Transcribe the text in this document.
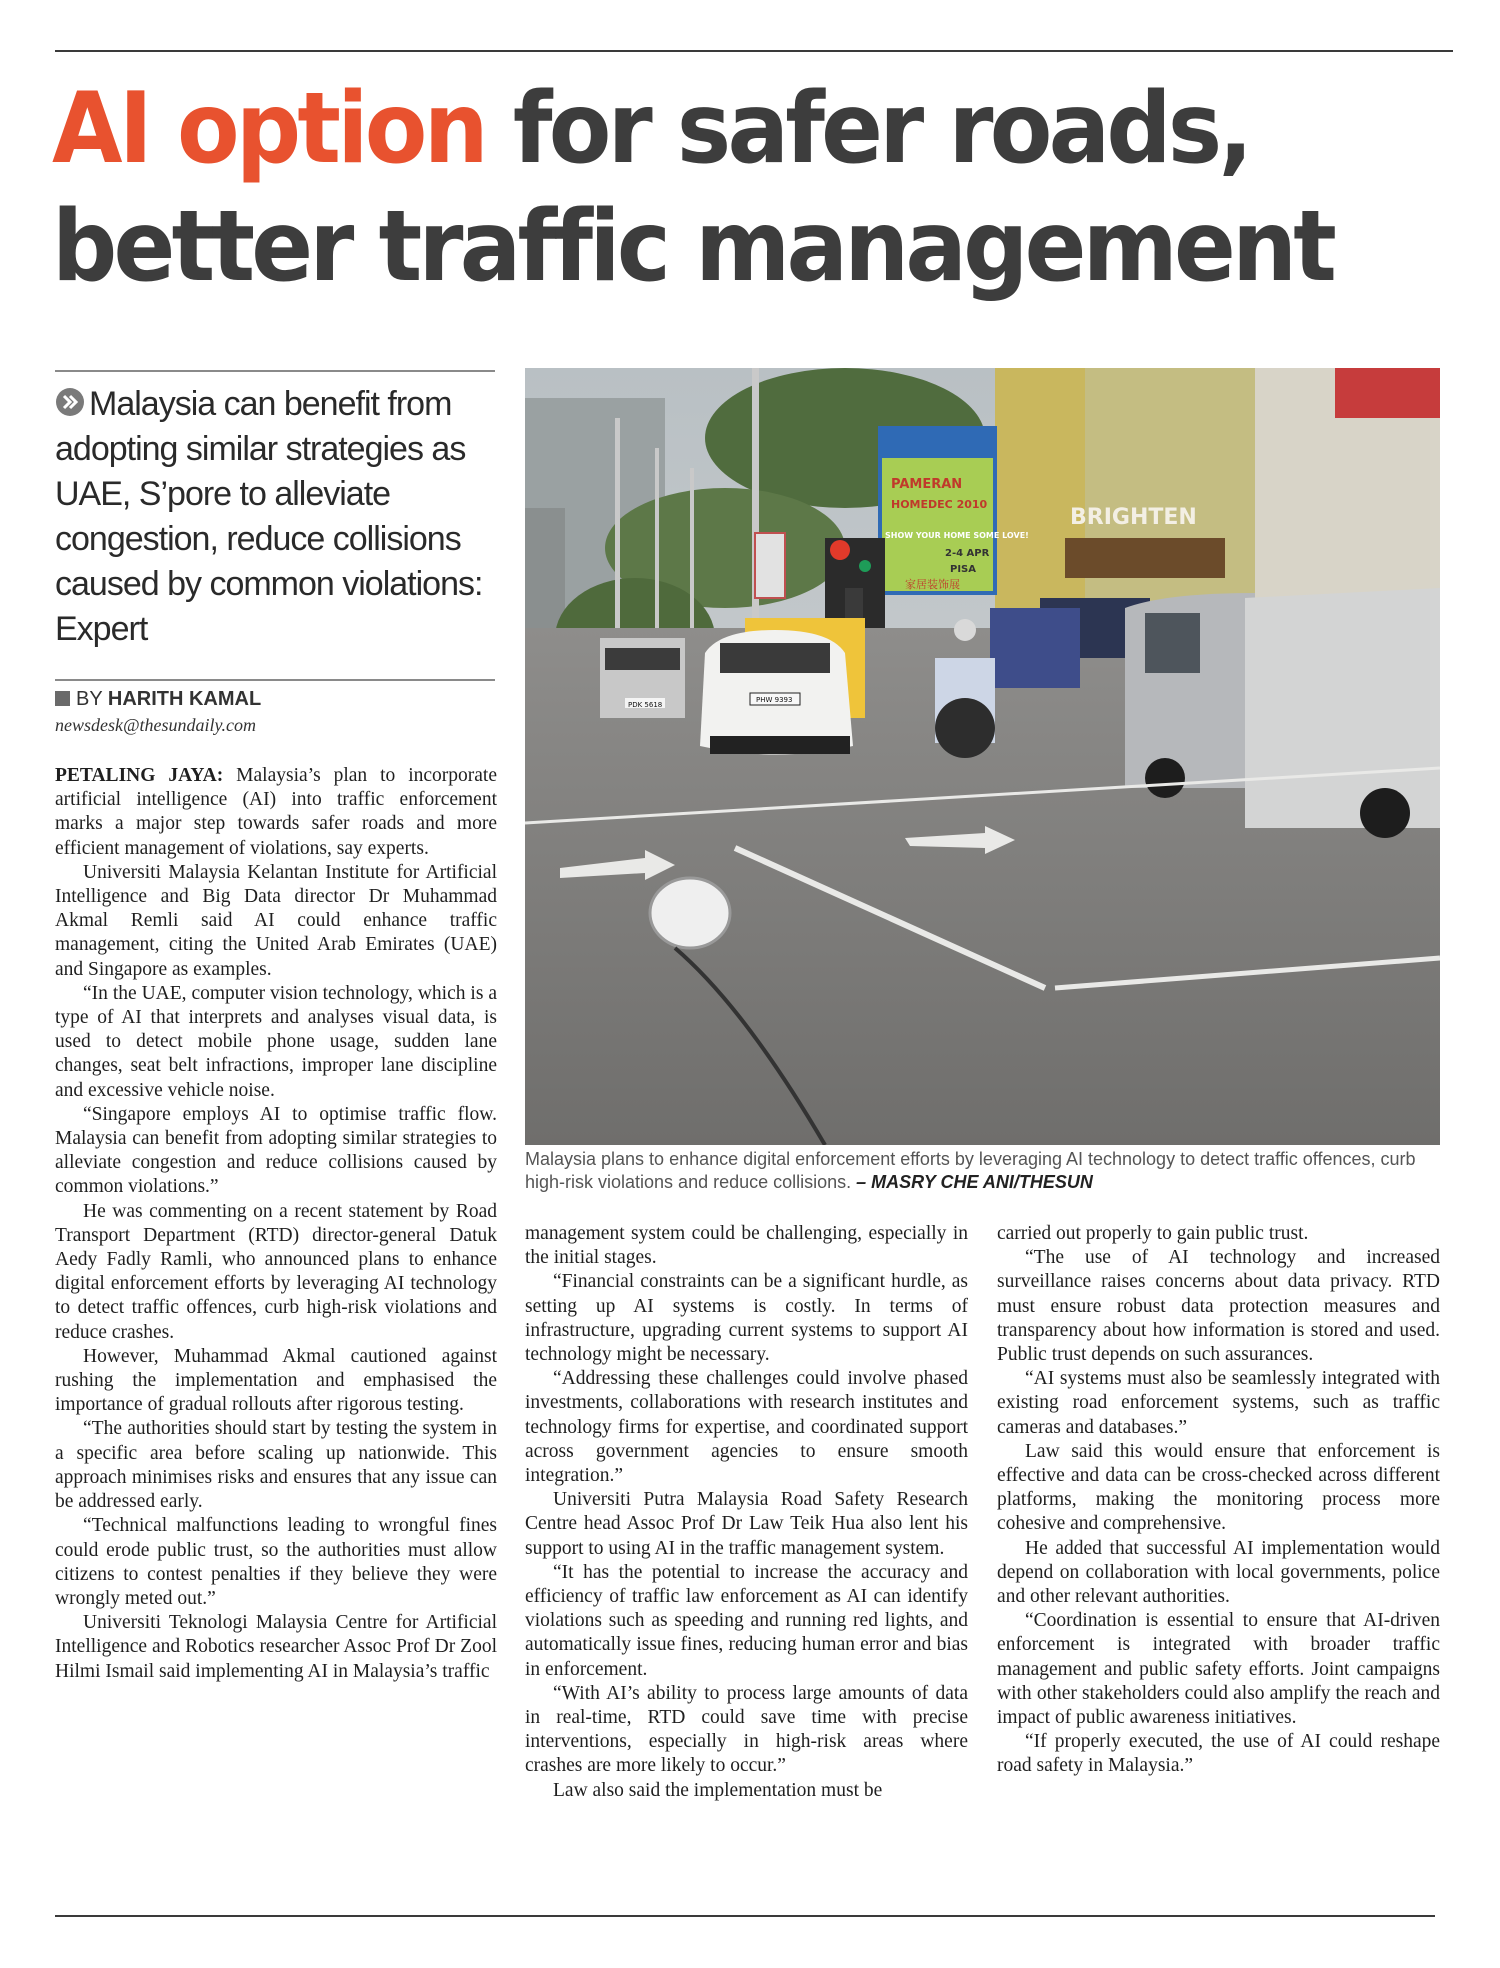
AI option for safer roads,
better traffic management
Malaysia can benefit from adopting similar strategies as UAE, S’pore to alleviate congestion, reduce collisions caused by common violations: Expert
BY HARITH KAMAL
newsdesk@thesundaily.com
PAMERAN
HOMEDEC 2010
SHOW YOUR HOME SOME LOVE!
2-4 APR
PISA
家居装饰展
BRIGHTEN
PDK 5618
PHW 9393
Malaysia plans to enhance digital enforcement efforts by leveraging AI technology to detect traffic offences, curb high-risk violations and reduce collisions. – MASRY CHE ANI/THESUN

PETALING JAYA: Malaysia’s plan to incorporate artificial intelligence (AI) into traffic enforcement marks a major step towards safer roads and more efficient management of violations, say experts.

Universiti Malaysia Kelantan Institute for Artificial Intelligence and Big Data director Dr Muhammad Akmal Remli said AI could enhance traffic management, citing the United Arab Emirates (UAE) and Singapore as examples.

“In the UAE, computer vision technology, which is a type of AI that interprets and analyses visual data, is used to detect mobile phone usage, sudden lane changes, seat belt infractions, improper lane discipline and excessive vehicle noise.

“Singapore employs AI to optimise traffic flow. Malaysia can benefit from adopting similar strategies to alleviate congestion and reduce collisions caused by common violations.”

He was commenting on a recent statement by Road Transport Department (RTD) director-general Datuk Aedy Fadly Ramli, who announced plans to enhance digital enforcement efforts by leveraging AI technology to detect traffic offences, curb high-risk violations and reduce crashes.

However, Muhammad Akmal cautioned against rushing the implementation and emphasised the importance of gradual rollouts after rigorous testing.

“The authorities should start by testing the system in a specific area before scaling up nationwide. This approach minimises risks and ensures that any issue can be addressed early.

“Technical malfunctions leading to wrongful fines could erode public trust, so the authorities must allow citizens to contest penalties if they believe they were wrongly meted out.”

Universiti Teknologi Malaysia Centre for Artificial Intelligence and Robotics researcher Assoc Prof Dr Zool Hilmi Ismail said implementing AI in Malaysia’s traffic

management system could be challenging, especially in the initial stages.

“Financial constraints can be a significant hurdle, as setting up AI systems is costly. In terms of infrastructure, upgrading current systems to support AI technology might be necessary.

“Addressing these challenges could involve phased investments, collaborations with research institutes and technology firms for expertise, and coordinated support across government agencies to ensure smooth integration.”

Universiti Putra Malaysia Road Safety Research Centre head Assoc Prof Dr Law Teik Hua also lent his support to using AI in the traffic management system.

“It has the potential to increase the accuracy and efficiency of traffic law enforcement as AI can identify violations such as speeding and running red lights, and automatically issue fines, reducing human error and bias in enforcement.

“With AI’s ability to process large amounts of data in real-time, RTD could save time with precise interventions, especially in high-risk areas where crashes are more likely to occur.”

Law also said the implementation must be

carried out properly to gain public trust.

“The use of AI technology and increased surveillance raises concerns about data privacy. RTD must ensure robust data protection measures and transparency about how information is stored and used. Public trust depends on such assurances.

“AI systems must also be seamlessly integrated with existing road enforcement systems, such as traffic cameras and databases.”

Law said this would ensure that enforcement is effective and data can be cross-checked across different platforms, making the monitoring process more cohesive and comprehensive.

He added that successful AI implementation would depend on collaboration with local governments, police and other relevant authorities.

“Coordination is essential to ensure that AI-driven enforcement is integrated with broader traffic management and public safety efforts. Joint campaigns with other stakeholders could also amplify the reach and impact of public awareness initiatives.

“If properly executed, the use of AI could reshape road safety in Malaysia.”
